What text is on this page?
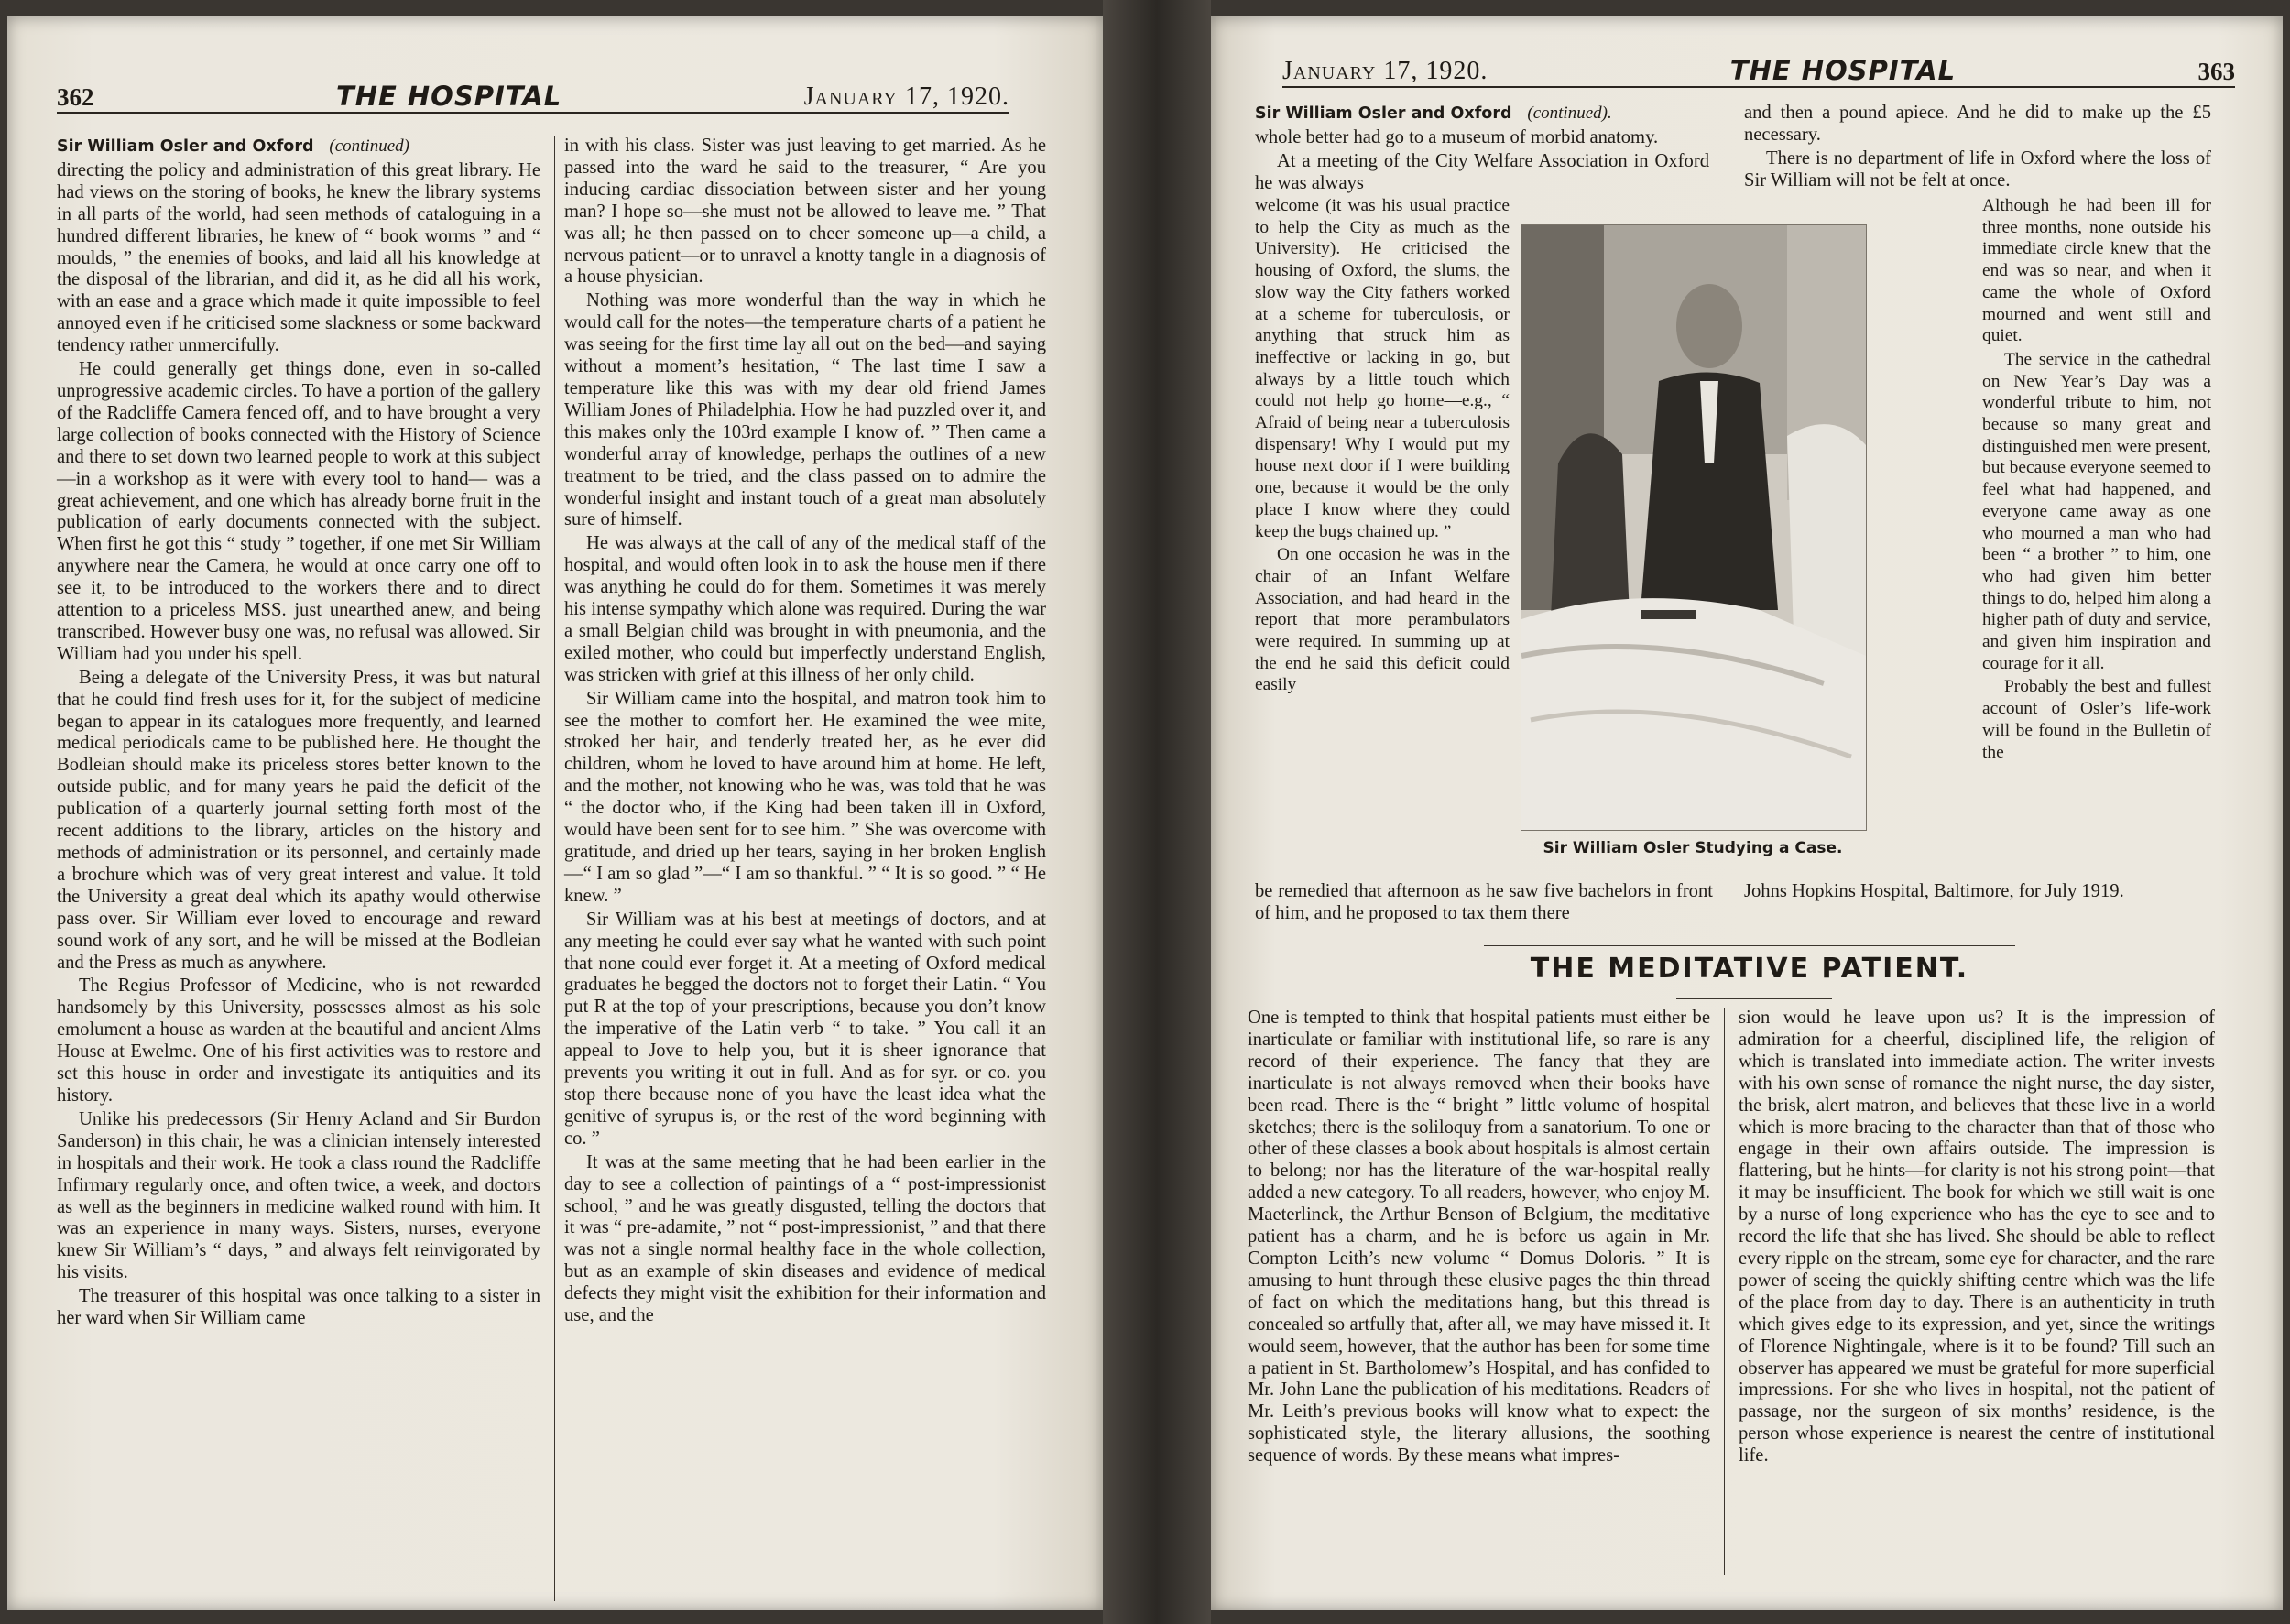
362	THE HOSPITAL	January 17, 1920.
Sir William Osler and Oxford—(continued)

directing the policy and administration of this great library. He had views on the storing of books, he knew the library systems in all parts of the world, had seen methods of cataloguing in a hundred different libraries, he knew of “ book worms ” and “ moulds, ” the enemies of books, and laid all his knowledge at the disposal of the librarian, and did it, as he did all his work, with an ease and a grace which made it quite impossible to feel annoyed even if he criticised some slackness or some backward tendency rather unmercifully.

He could generally get things done, even in so-called unprogressive academic circles. To have a portion of the gallery of the Radcliffe Camera fenced off, and to have brought a very large collection of books connected with the History of Science and there to set down two learned people to work at this subject —in a workshop as it were with every tool to hand— was a great achievement, and one which has already borne fruit in the publication of early documents connected with the subject. When first he got this “ study ” together, if one met Sir William anywhere near the Camera, he would at once carry one off to see it, to be introduced to the workers there and to direct attention to a priceless MSS. just unearthed anew, and being transcribed. However busy one was, no refusal was allowed. Sir William had you under his spell.

Being a delegate of the University Press, it was but natural that he could find fresh uses for it, for the subject of medicine began to appear in its catalogues more frequently, and learned medical periodicals came to be published here. He thought the Bodleian should make its priceless stores better known to the outside public, and for many years he paid the deficit of the publication of a quarterly journal setting forth most of the recent additions to the library, articles on the history and methods of administration or its personnel, and certainly made a brochure which was of very great interest and value. It told the University a great deal which its apathy would otherwise pass over. Sir William ever loved to encourage and reward sound work of any sort, and he will be missed at the Bodleian and the Press as much as anywhere.

The Regius Professor of Medicine, who is not rewarded handsomely by this University, possesses almost as his sole emolument a house as warden at the beautiful and ancient Alms House at Ewelme. One of his first activities was to restore and set this house in order and investigate its antiquities and its history.

Unlike his predecessors (Sir Henry Acland and Sir Burdon Sanderson) in this chair, he was a clinician intensely interested in hospitals and their work. He took a class round the Radcliffe Infirmary regularly once, and often twice, a week, and doctors as well as the beginners in medicine walked round with him. It was an experience in many ways. Sisters, nurses, everyone knew Sir William’s “ days, ” and always felt reinvigorated by his visits.

The treasurer of this hospital was once talking to a sister in her ward when Sir William came

in with his class. Sister was just leaving to get married. As he passed into the ward he said to the treasurer, “ Are you inducing cardiac dissociation between sister and her young man? I hope so—she must not be allowed to leave me. ” That was all; he then passed on to cheer someone up—a child, a nervous patient—or to unravel a knotty tangle in a diagnosis of a house physician.

Nothing was more wonderful than the way in which he would call for the notes—the temperature charts of a patient he was seeing for the first time lay all out on the bed—and saying without a moment’s hesitation, “ The last time I saw a temperature like this was with my dear old friend James William Jones of Philadelphia. How he had puzzled over it, and this makes only the 103rd example I know of. ” Then came a wonderful array of knowledge, perhaps the outlines of a new treatment to be tried, and the class passed on to admire the wonderful insight and instant touch of a great man absolutely sure of himself.

He was always at the call of any of the medical staff of the hospital, and would often look in to ask the house men if there was anything he could do for them. Sometimes it was merely his intense sympathy which alone was required. During the war a small Belgian child was brought in with pneumonia, and the exiled mother, who could but imperfectly understand English, was stricken with grief at this illness of her only child.

Sir William came into the hospital, and matron took him to see the mother to comfort her. He examined the wee mite, stroked her hair, and tenderly treated her, as he ever did children, whom he loved to have around him at home. He left, and the mother, not knowing who he was, was told that he was “ the doctor who, if the King had been taken ill in Oxford, would have been sent for to see him. ” She was overcome with gratitude, and dried up her tears, saying in her broken English—“ I am so glad ”—“ I am so thankful. ” “ It is so good. ” “ He knew. ”

Sir William was at his best at meetings of doctors, and at any meeting he could ever say what he wanted with such point that none could ever forget it. At a meeting of Oxford medical graduates he begged the doctors not to forget their Latin. “ You put R at the top of your prescriptions, because you don’t know the imperative of the Latin verb “ to take. ” You call it an appeal to Jove to help you, but it is sheer ignorance that prevents you writing it out in full. And as for syr. or co. you stop there because none of you have the least idea what the genitive of syrupus is, or the rest of the word beginning with co. ”

It was at the same meeting that he had been earlier in the day to see a collection of paintings of a “ post-impressionist school, ” and he was greatly disgusted, telling the doctors that it was “ pre-adamite, ” not “ post-impressionist, ” and that there was not a single normal healthy face in the whole collection, but as an example of skin diseases and evidence of medical defects they might visit the exhibition for their information and use, and the

January 17, 1920.	THE HOSPITAL	363
Sir William Osler and Oxford—(continued).

whole better had go to a museum of morbid anatomy.

At a meeting of the City Welfare Association in Oxford he was always

welcome (it was his usual practice to help the City as much as the University). He criticised the housing of Oxford, the slums, the slow way the City fathers worked at a scheme for tuberculosis, or anything that struck him as ineffective or lacking in go, but always by a little touch which could not help go home—e.g., “ Afraid of being near a tuberculosis dispensary! Why I would put my house next door if I were building one, because it would be the only place I know where they could keep the bugs chained up. ”

On one occasion he was in the chair of an Infant Welfare Association, and had heard in the report that more perambulators were required. In summing up at the end he said this deficit could easily

be remedied that afternoon as he saw five bachelors in front of him, and he proposed to tax them there

and then a pound apiece. And he did to make up the £5 necessary.

There is no department of life in Oxford where the loss of Sir William will not be felt at once.

Although he had been ill for three months, none outside his immediate circle knew that the end was so near, and when it came the whole of Oxford mourned and went still and quiet.

The service in the cathedral on New Year’s Day was a wonderful tribute to him, not because so many great and distinguished men were present, but because everyone seemed to feel what had happened, and everyone came away as one who mourned a man who had been “ a brother ” to him, one who had given him better things to do, helped him along a higher path of duty and service, and given him inspiration and courage for it all.

Probably the best and fullest account of Osler’s life-work will be found in the Bulletin of the

Johns Hopkins Hospital, Baltimore, for July 1919.

Sir William Osler Studying a Case.
THE MEDITATIVE PATIENT.

One is tempted to think that hospital patients must either be inarticulate or familiar with institutional life, so rare is any record of their experience. The fancy that they are inarticulate is not always removed when their books have been read. There is the “ bright ” little volume of hospital sketches; there is the soliloquy from a sanatorium. To one or other of these classes a book about hospitals is almost certain to belong; nor has the literature of the war-hospital really added a new category. To all readers, however, who enjoy M. Maeterlinck, the Arthur Benson of Belgium, the meditative patient has a charm, and he is before us again in Mr. Compton Leith’s new volume “ Domus Doloris. ” It is amusing to hunt through these elusive pages the thin thread of fact on which the meditations hang, but this thread is concealed so artfully that, after all, we may have missed it. It would seem, however, that the author has been for some time a patient in St. Bartholomew’s Hospital, and has confided to Mr. John Lane the publication of his meditations. Readers of Mr. Leith’s previous books will know what to expect: the sophisticated style, the literary allusions, the soothing sequence of words. By these means what impres-

sion would he leave upon us? It is the impression of admiration for a cheerful, disciplined life, the religion of which is translated into immediate action. The writer invests with his own sense of romance the night nurse, the day sister, the brisk, alert matron, and believes that these live in a world which is more bracing to the character than that of those who engage in their own affairs outside. The impression is flattering, but he hints—for clarity is not his strong point—that it may be insufficient. The book for which we still wait is one by a nurse of long experience who has the eye to see and to record the life that she has lived. She should be able to reflect every ripple on the stream, some eye for character, and the rare power of seeing the quickly shifting centre which was the life of the place from day to day. There is an authenticity in truth which gives edge to its expression, and yet, since the writings of Florence Nightingale, where is it to be found? Till such an observer has appeared we must be grateful for more superficial impressions. For she who lives in hospital, not the patient of passage, nor the surgeon of six months’ residence, is the person whose experience is nearest the centre of institutional life.
